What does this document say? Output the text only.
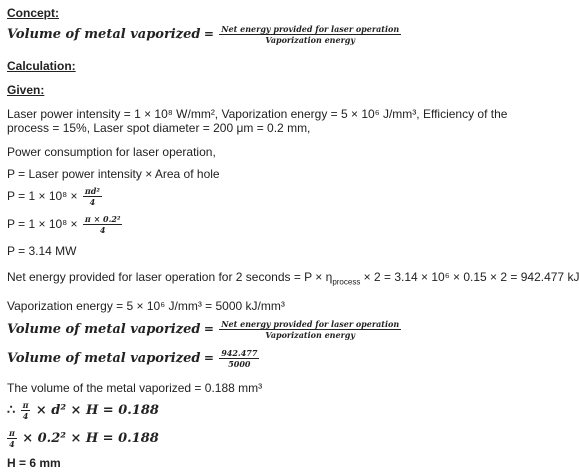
Concept:
Volume of metal vaporized = $\frac{\text{Net energy provided for laser operation}}{\text{Vaporization energy}}$
Calculation:
Given:
Laser power intensity = 1 × 10⁸ W/mm², Vaporization energy = 5 × 10⁶ J/mm³, Efficiency of the
process = 15%, Laser spot diameter = 200 μm = 0.2 mm,
Power consumption for laser operation,
P = Laser power intensity × Area of hole
$P = 1 \times 10^8 \times \frac{\text{πd²}}{4}$
$P = 1 \times 10^8 \times \frac{\text{π × 0.2²}}{4}$
P = 3.14 MW
Net energy provided for laser operation for 2 seconds = $P \times \eta_{process} \times 2 = 3.14 \times 10^6 \times 0.15 \times 2 = 942.477$ kJ
Vaporization energy = 5 × 10⁶ J/mm³ = 5000 kJ/mm³
Volume of metal vaporized = $\frac{\text{Net energy provided for laser operation}}{\text{Vaporization energy}}$
Volume of metal vaporized = $\frac{942.477}{5000}$
The volume of the metal vaporized = 0.188 mm³
∴ $\frac{\pi}{4} \times d^2 \times H = 0.188$
$\frac{\pi}{4} \times 0.2^2 \times H = 0.188$
H = 6 mm
